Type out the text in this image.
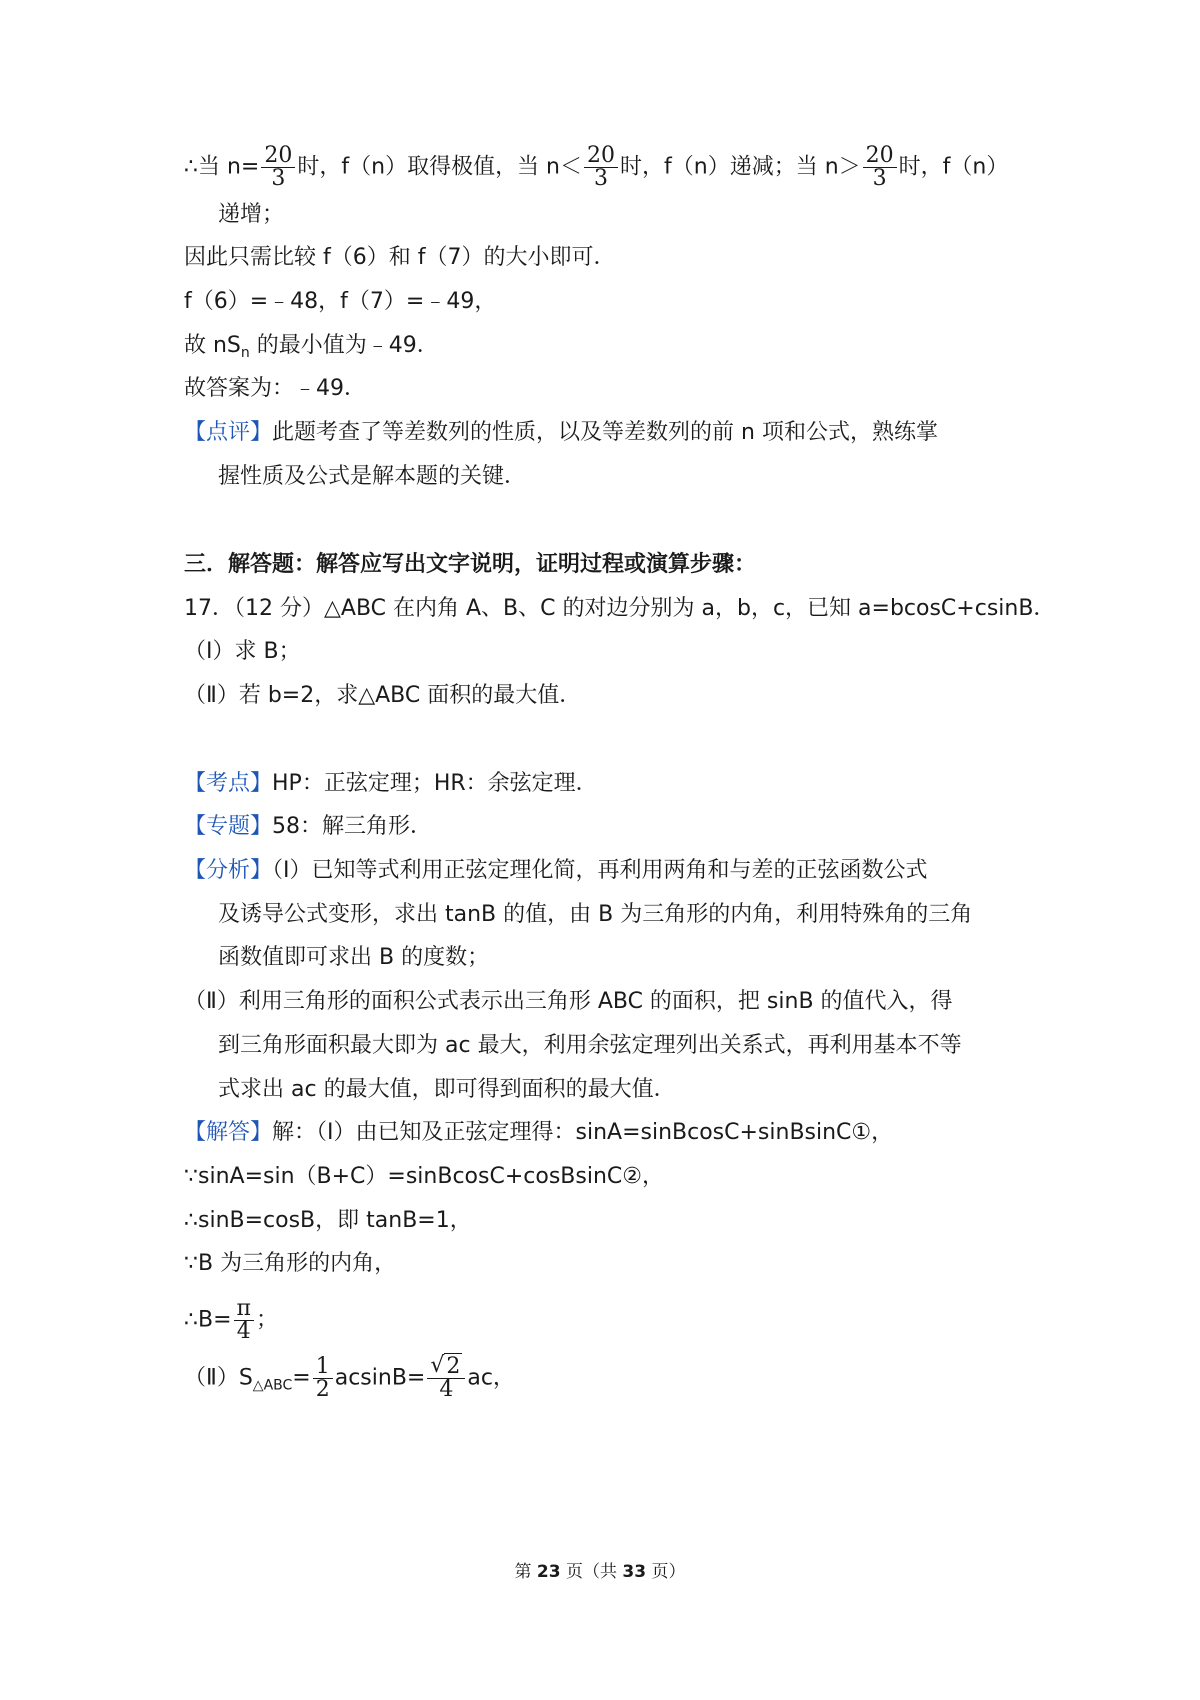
∴当 $n= \frac{20}{3}$ 时，f（n）取得极值，当 $n< \frac{20}{3}$ 时，f（n）递减；当 $n> \frac{20}{3}$ 时，f（n）
递增；
因此只需比较 f（6）和 f（7）的大小即可．
f（6）=﹣48，f（7）=﹣49，
故 $nS_n$ 的最小值为﹣49．
故答案为：﹣49．
【点评】此题考查了等差数列的性质，以及等差数列的前 n 项和公式，熟练掌
握性质及公式是解本题的关键．
三．解答题：解答应写出文字说明，证明过程或演算步骤：
17．（12 分）△ABC 在内角 A、B、C 的对边分别为 a，b，c，已知 a=bcosC+csinB．
（Ⅰ）求 B；
（Ⅱ）若 b=2，求△ABC 面积的最大值．
【考点】HP：正弦定理；HR：余弦定理．
【专题】58：解三角形．
【分析】（Ⅰ）已知等式利用正弦定理化简，再利用两角和与差的正弦函数公式
及诱导公式变形，求出 tanB 的值，由 B 为三角形的内角，利用特殊角的三角
函数值即可求出 B 的度数；
（Ⅱ）利用三角形的面积公式表示出三角形 ABC 的面积，把 sinB 的值代入，得
到三角形面积最大即为 ac 最大，利用余弦定理列出关系式，再利用基本不等
式求出 ac 的最大值，即可得到面积的最大值．
【解答】解：（Ⅰ）由已知及正弦定理得：sinA=sinBcosC+sinBsinC①，
∵sinA=sin（B+C）=sinBcosC+cosBsinC②，
∴sinB=cosB，即 tanB=1，
∵B 为三角形的内角，
∴B= $\frac{\pi}{4}$ ；
$(Ⅱ)S_{\triangle ABC}= \frac{1}{2} acsinB=$
√ $\frac{2}{4}$ ac，
第 23 页（共 33 页）
